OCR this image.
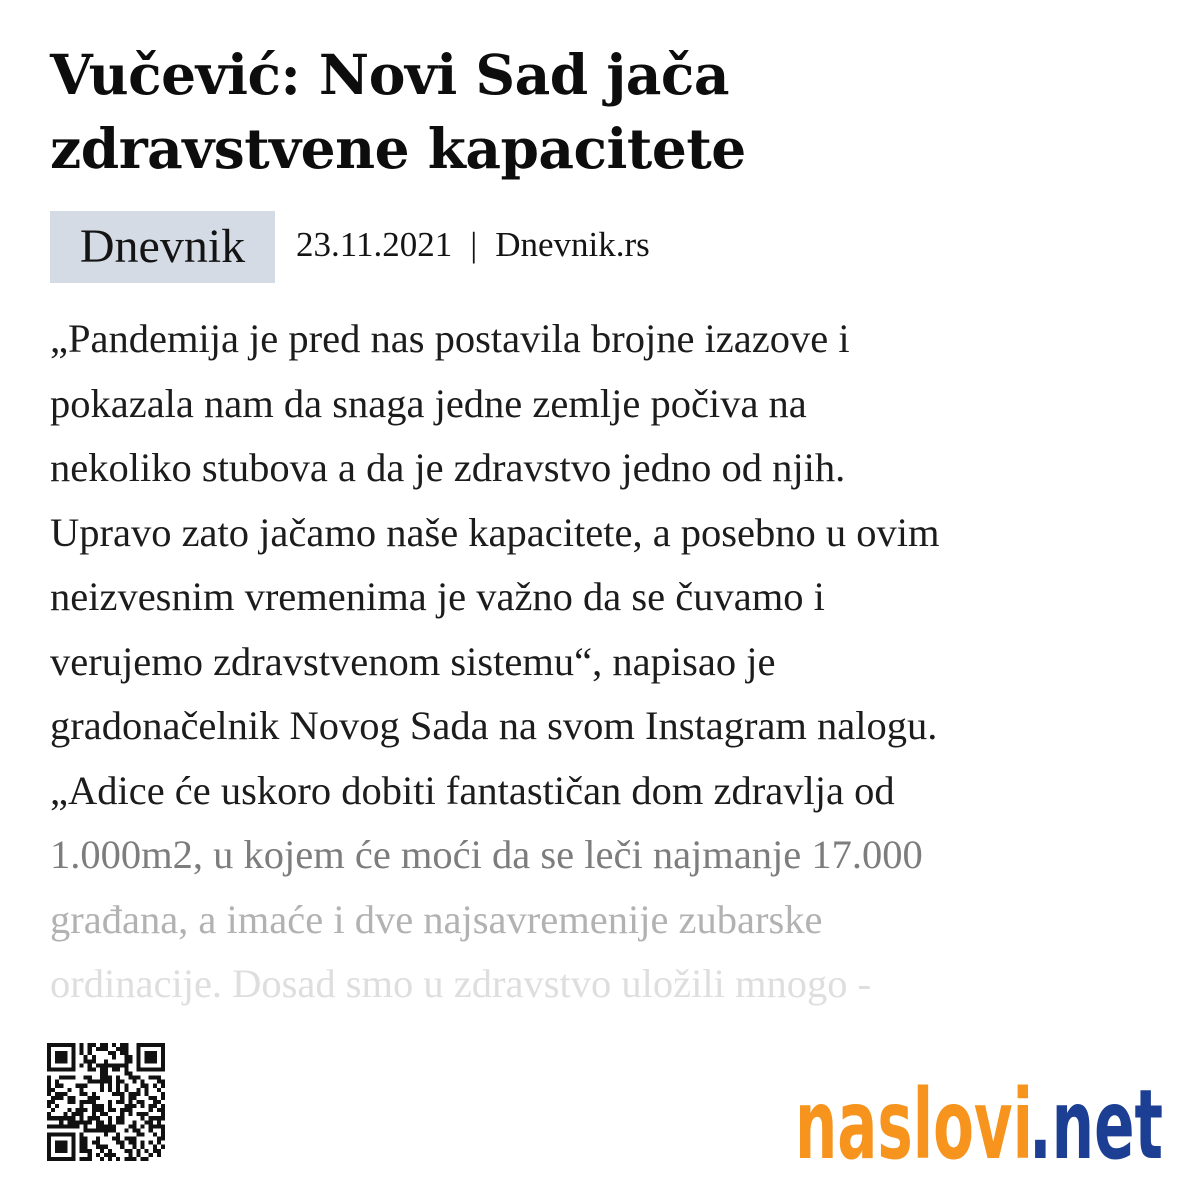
Vučević: Novi Sad jača
zdravstvene kapacitete
Dnevnik	23.11.2021 | Dnevnik.rs

„Pandemija je pred nas postavila brojne izazove i
pokazala nam da snaga jedne zemlje počiva na
nekoliko stubova a da je zdravstvo jedno od njih.
Upravo zato jačamo naše kapacitete, a posebno u ovim
neizvesnim vremenima je važno da se čuvamo i
verujemo zdravstvenom sistemu“, napisao je
gradonačelnik Novog Sada na svom Instagram nalogu.
„Adice će uskoro dobiti fantastičan dom zdravlja od
1.000m2, u kojem će moći da se leči najmanje 17.000
građana, a imaće i dve najsavremenije zubarske
ordinacije. Dosad smo u zdravstvo uložili mnogo -

naslovi
.net
